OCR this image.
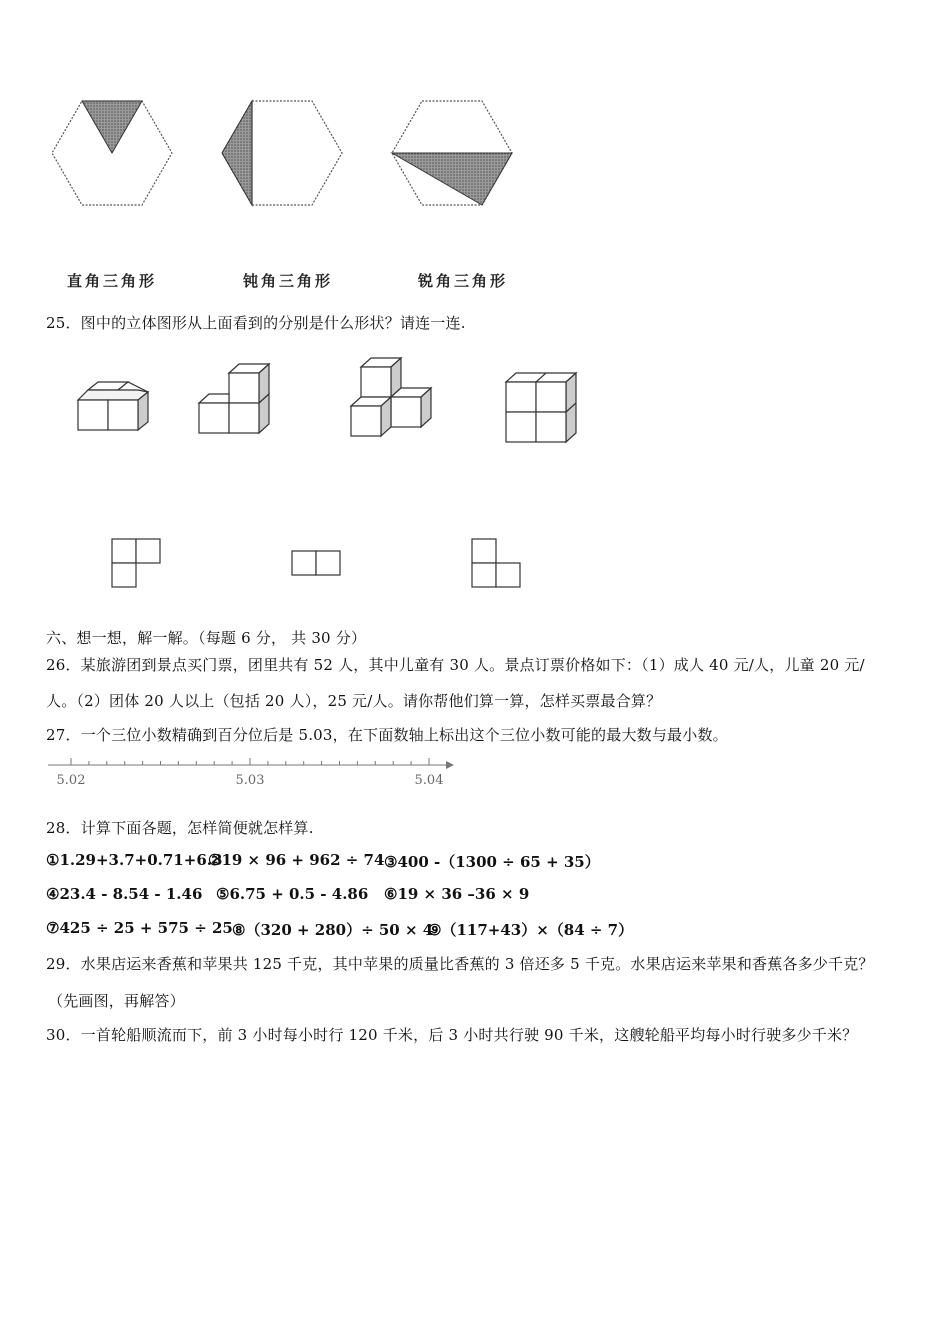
直角三角形	钝角三角形	锐角三角形
25．图中的立体图形从上面看到的分别是什么形状？请连一连.
六、想一想，解一解。（每题 6 分， 共 30 分）
26．某旅游团到景点买门票，团里共有 52 人，其中儿童有 30 人。景点订票价格如下：（1）成人 40 元/人，儿童 20 元/
人。（2）团体 20 人以上（包括 20 人），25 元/人。请你帮他们算一算，怎样买票最合算？
27．一个三位小数精确到百分位后是 5.03，在下面数轴上标出这个三位小数可能的最大数与最小数。
5.02	5.03	5.04
28．计算下面各题，怎样简便就怎样算.
①1.29+3.7+0.71+6.3
②19 × 96 + 962 ÷ 74 ③400 -（1300 ÷ 65 + 35）
④23.4 - 8.54 - 1.46 ⑤6.75 + 0.5 - 4.86 ⑥19 × 36 –36 × 9
⑦425 ÷ 25 + 575 ÷ 25 ⑧（320 + 280）÷ 50 × 4
⑨（117+43）×（84 ÷ 7）
29．水果店运来香蕉和苹果共 125 千克，其中苹果的质量比香蕉的 3 倍还多 5 千克。水果店运来苹果和香蕉各多少千克？
（先画图，再解答）
30．一首轮船顺流而下，前 3 小时每小时行 120 千米，后 3 小时共行驶 90 千米，这艘轮船平均每小时行驶多少千米？
